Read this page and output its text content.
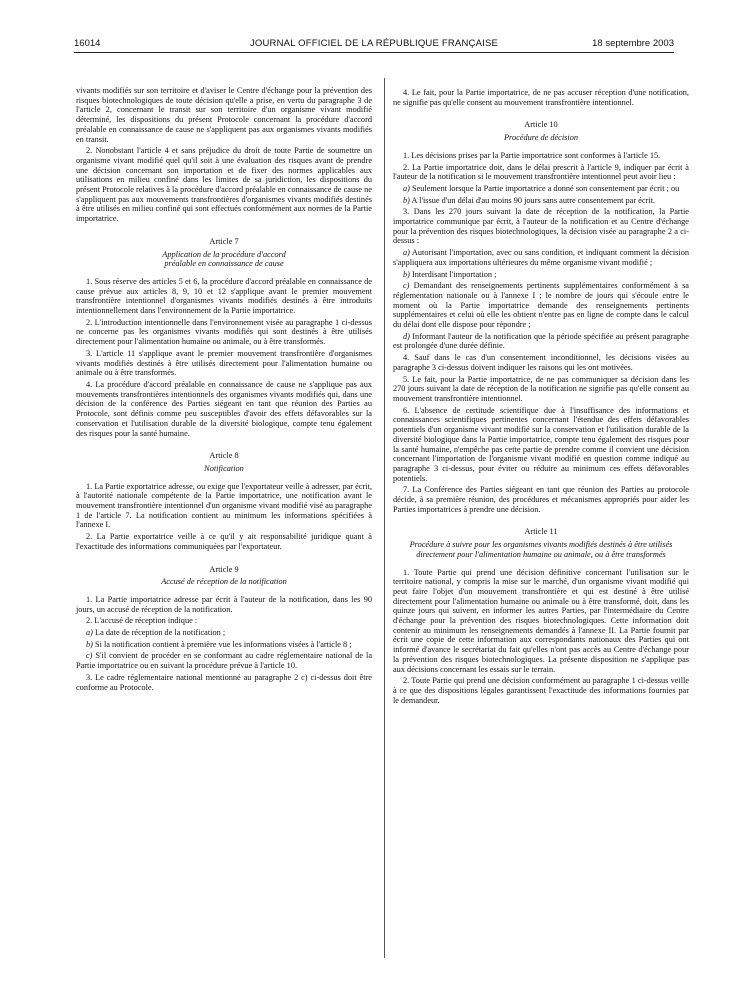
16014	JOURNAL OFFICIEL DE LA RÉPUBLIQUE FRANÇAISE	18 septembre 2003

vivants modifiés sur son territoire et d'aviser le Centre d'échange pour la prévention des risques biotechnologiques de toute décision qu'elle a prise, en vertu du paragraphe 3 de l'article 2, concernant le transit sur son territoire d'un organisme vivant modifié déterminé, les dispositions du présent Protocole concernant la procédure d'accord préalable en connaissance de cause ne s'appliquent pas aux organismes vivants modifiés en transit.

2. Nonobstant l'article 4 et sans préjudice du droit de toute Partie de soumettre un organisme vivant modifié quel qu'il soit à une évaluation des risques avant de prendre une décision concernant son importation et de fixer des normes applicables aux utilisations en milieu confiné dans les limites de sa juridiction, les dispositions du présent Protocole relatives à la procédure d'accord préalable en connaissance de cause ne s'appliquent pas aux mouvements transfrontières d'organismes vivants modifiés destinés à être utilisés en milieu confiné qui sont effectués conformément aux normes de la Partie importatrice.

Article 7
Application de la procédure d'accord
préalable en connaissance de cause

1. Sous réserve des articles 5 et 6, la procédure d'accord préalable en connaissance de cause prévue aux articles 8, 9, 10 et 12 s'applique avant le premier mouvement transfrontière intentionnel d'organismes vivants modifiés destinés à être introduits intentionnellement dans l'environnement de la Partie importatrice.

2. L'introduction intentionnelle dans l'environnement visée au paragraphe 1 ci-dessus ne concerne pas les organismes vivants modifiés qui sont destinés à être utilisés directement pour l'alimentation humaine ou animale, ou à être transformés.

3. L'article 11 s'applique avant le premier mouvement transfrontière d'organismes vivants modifiés destinés à être utilisés directement pour l'alimentation humaine ou animale ou à être transformés.

4. La procédure d'accord préalable en connaissance de cause ne s'applique pas aux mouvements transfrontières intentionnels des organismes vivants modifiés qui, dans une décision de la conférence des Parties siégeant en tant que réunion des Parties au Protocole, sont définis comme peu susceptibles d'avoir des effets défavorables sur la conservation et l'utilisation durable de la diversité biologique, compte tenu également des risques pour la santé humaine.

Article 8
Notification

1. La Partie exportatrice adresse, ou exige que l'exportateur veille à adresser, par écrit, à l'autorité nationale compétente de la Partie importatrice, une notification avant le mouvement transfrontière intentionnel d'un organisme vivant modifié visé au paragraphe 1 de l'article 7. La notification contient au minimum les informations spécifiées à l'annexe I.

2. La Partie exportatrice veille à ce qu'il y ait responsabilité juridique quant à l'exactitude des informations communiquées par l'exportateur.

Article 9
Accusé de réception de la notification

1. La Partie importatrice adresse par écrit à l'auteur de la notification, dans les 90 jours, un accusé de réception de la notification.

2. L'accusé de réception indique :

a) La date de réception de la notification ;

b) Si la notification contient à première vue les informations visées à l'article 8 ;

c) S'il convient de procéder en se conformant au cadre réglementaire national de la Partie importatrice ou en suivant la procédure prévue à l'article 10.

3. Le cadre réglementaire national mentionné au paragraphe 2 c) ci-dessus doit être conforme au Protocole.

4. Le fait, pour la Partie importatrice, de ne pas accuser réception d'une notification, ne signifie pas qu'elle consent au mouvement transfrontière intentionnel.

Article 10
Procédure de décision

1. Les décisions prises par la Partie importatrice sont conformes à l'article 15.

2. La Partie importatrice doit, dans le délai prescrit à l'article 9, indiquer par écrit à l'auteur de la notification si le mouvement transfrontière intentionnel peut avoir lieu :

a) Seulement lorsque la Partie importatrice a donné son consentement par écrit ; ou

b) A l'issue d'un délai d'au moins 90 jours sans autre consentement par écrit.

3. Dans les 270 jours suivant la date de réception de la notification, la Partie importatrice communique par écrit, à l'auteur de la notification et au Centre d'échange pour la prévention des risques biotechnologiques, la décision visée au paragraphe 2 a ci-dessus :

a) Autorisant l'importation, avec ou sans condition, et indiquant comment la décision s'appliquera aux importations ultérieures du même organisme vivant modifié ;

b) Interdisant l'importation ;

c) Demandant des renseignements pertinents supplémentaires conformément à sa réglementation nationale ou à l'annexe I ; le nombre de jours qui s'écoule entre le moment où la Partie importatrice demande des renseignements pertinents supplémentaires et celui où elle les obtient n'entre pas en ligne de compte dans le calcul du délai dont elle dispose pour répondre ;

d) Informant l'auteur de la notification que la période spécifiée au présent paragraphe est prolongée d'une durée définie.

4. Sauf dans le cas d'un consentement inconditionnel, les décisions visées au paragraphe 3 ci-dessus doivent indiquer les raisons qui les ont motivées.

5. Le fait, pour la Partie importatrice, de ne pas communiquer sa décision dans les 270 jours suivant la date de réception de la notification ne signifie pas qu'elle consent au mouvement transfrontière intentionnel.

6. L'absence de certitude scientifique due à l'insuffisance des informations et connaissances scientifiques pertinentes concernant l'étendue des effets défavorables potentiels d'un organisme vivant modifié sur la conservation et l'utilisation durable de la diversité biologique dans la Partie importatrice, compte tenu également des risques pour la santé humaine, n'empêche pas cette partie de prendre comme il convient une décision concernant l'importation de l'organisme vivant modifié en question comme indiqué au paragraphe 3 ci-dessus, pour éviter ou réduire au minimum ces effets défavorables potentiels.

7. La Conférence des Parties siégeant en tant que réunion des Parties au protocole décide, à sa première réunion, des procédures et mécanismes appropriés pour aider les Parties importatrices à prendre une décision.

Article 11
Procédure à suivre pour les organismes vivants modifiés destinés à être utilisés directement pour l'alimentation humaine ou animale, ou à être transformés

1. Toute Partie qui prend une décision définitive concernant l'utilisation sur le territoire national, y compris la mise sur le marché, d'un organisme vivant modifié qui peut faire l'objet d'un mouvement transfrontière et qui est destiné à être utilisé directement pour l'alimentation humaine ou animale ou à être transformé, doit, dans les quinze jours qui suivent, en informer les autres Parties, par l'intermédiaire du Centre d'échange pour la prévention des risques biotechnologiques. Cette information doit contenir au minimum les renseignements demandés à l'annexe II. La Partie fournit par écrit une copie de cette information aux correspondants nationaux des Parties qui ont informé d'avance le secrétariat du fait qu'elles n'ont pas accès au Centre d'échange pour la prévention des risques biotechnologiques. La présente disposition ne s'applique pas aux décisions concernant les essais sur le terrain.

2. Toute Partie qui prend une décision conformément au paragraphe 1 ci-dessus veille à ce que des dispositions légales garantissent l'exactitude des informations fournies par le demandeur.
